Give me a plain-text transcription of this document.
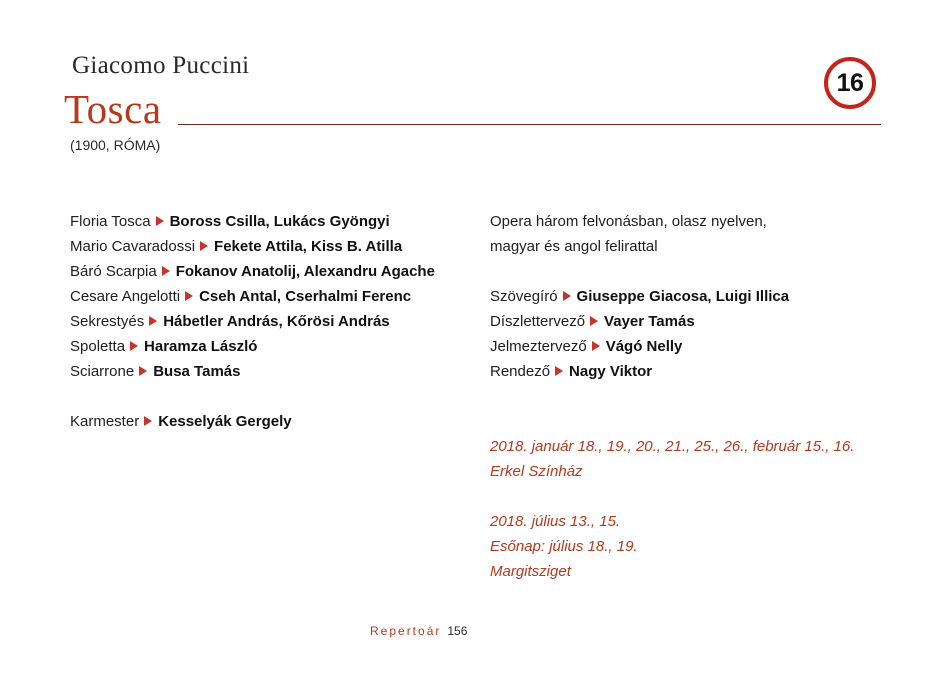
Giacomo Puccini
Tosca
(1900, RÓMA)
16
Floria Tosca Boross Csilla, Lukács Gyöngyi
Mario Cavaradossi Fekete Attila, Kiss B. Atilla
Báró Scarpia Fokanov Anatolij, Alexandru Agache
Cesare Angelotti Cseh Antal, Cserhalmi Ferenc
Sekrestyés Hábetler András, Kőrösi András
Spoletta Haramza László
Sciarrone Busa Tamás
Karmester Kesselyák Gergely
Opera három felvonásban, olasz nyelven,
magyar és angol felirattal
Szövegíró Giuseppe Giacosa, Luigi Illica
Díszlettervező Vayer Tamás
Jelmeztervező Vágó Nelly
Rendező Nagy Viktor
2018. január 18., 19., 20., 21., 25., 26., február 15., 16.
Erkel Színház
2018. július 13., 15.
Esőnap: július 18., 19.
Margitsziget
Repertoár 156
